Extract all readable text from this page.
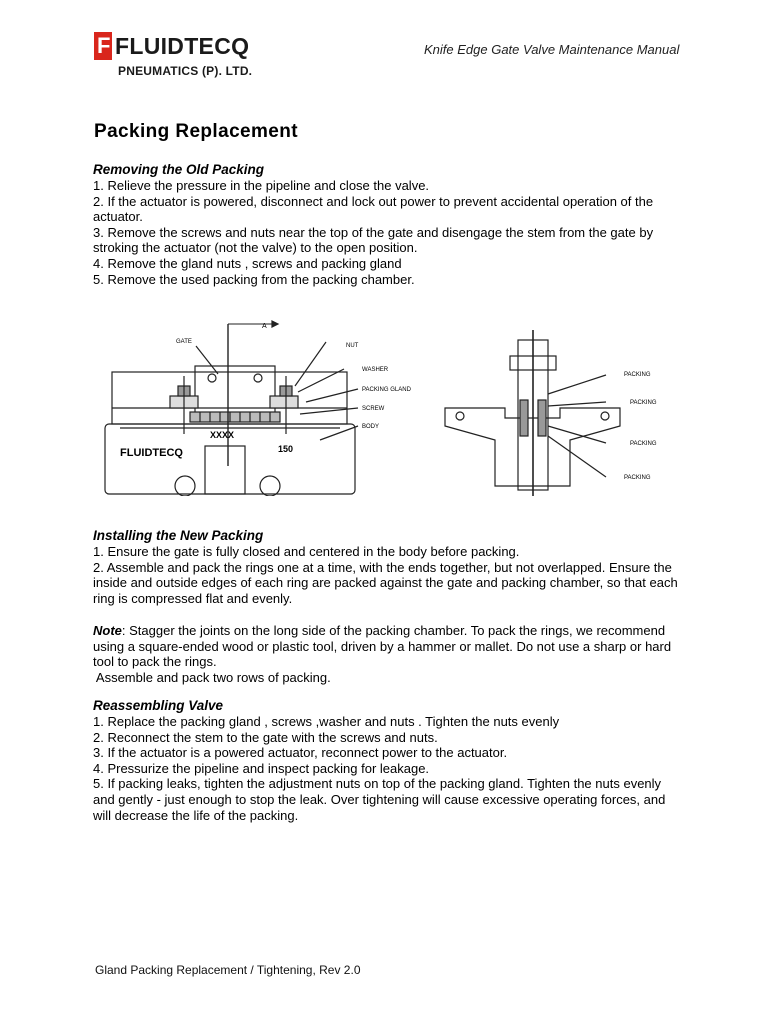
F FLUIDTECQ
PNEUMATICS (P). LTD.
Knife Edge Gate Valve Maintenance Manual
Packing Replacement
Removing the Old Packing

1. Relieve the pressure in the pipeline and close the valve.

2. If the actuator is powered, disconnect and lock out power to prevent accidental operation of the actuator.

3. Remove the screws and nuts near the top of the gate and disengage the stem from the gate by stroking the actuator (not the valve) to the open position.

4. Remove the gland nuts , screws and packing gland

5. Remove the used packing from the packing chamber.

A
GATE
NUT
WASHER
PACKING GLAND
SCREW
BODY
FLUIDTECQ
XXXX
150
PACKING
PACKING
PACKING
PACKING
Installing the New Packing

1. Ensure the gate is fully closed and centered in the body before packing.

2. Assemble and pack the rings one at a time, with the ends together, but not overlapped. Ensure the inside and outside edges of each ring are packed against the gate and packing chamber, so that each ring is compressed flat and evenly.

Note: Stagger the joints on the long side of the packing chamber. To pack the rings, we recommend using a square-ended wood or plastic tool, driven by a hammer or mallet. Do not use a sharp or hard tool to pack the rings.

Assemble and pack two rows of packing.

Reassembling Valve

1. Replace the packing gland , screws ,washer and nuts . Tighten the nuts evenly

2. Reconnect the stem to the gate with the screws and nuts.

3. If the actuator is a powered actuator, reconnect power to the actuator.

4. Pressurize the pipeline and inspect packing for leakage.

5. If packing leaks, tighten the adjustment nuts on top of the packing gland. Tighten the nuts evenly and gently - just enough to stop the leak. Over tightening will cause excessive operating forces, and will decrease the life of the packing.

Gland Packing Replacement / Tightening, Rev 2.0
